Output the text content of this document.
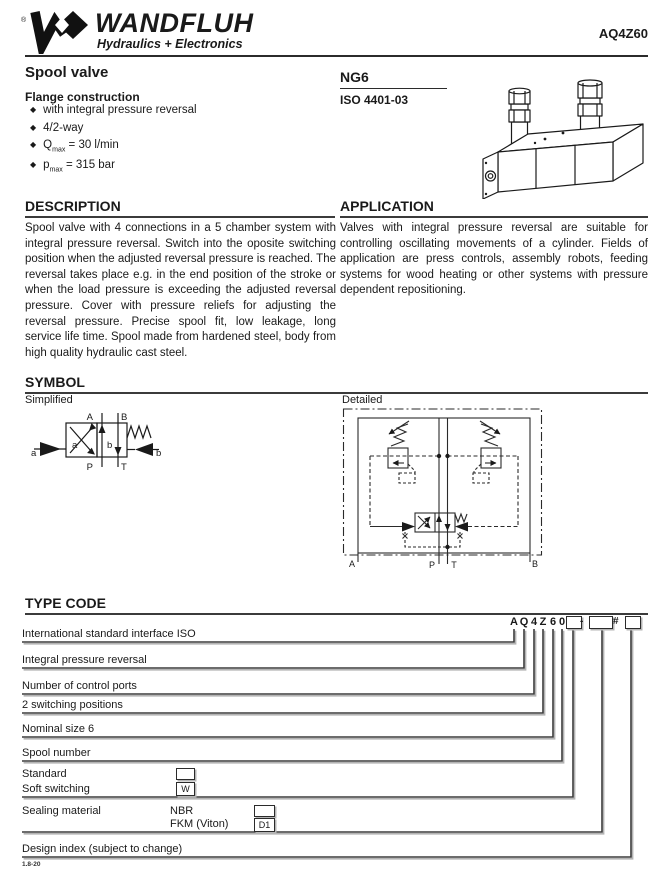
®	WANDFLUH
Hydraulics + Electronics
AQ4Z60
Spool valve
Flange construction
◆ with integral pressure reversal
◆ 4/2-way
◆ $Q_{max} = 30$ l/min
◆ $p_{max} = 315$ bar
NG6
ISO 4401-03
DESCRIPTION
Spool valve with 4 connections in a 5 chamber system with integral pressure reversal. Switch into the oposite switching position when the adjusted reversal pressure is reached. The reversal takes place e.g. in the end position of the stroke or when the load pressure is exceeding the adjusted reversal pressure. Cover with pressure reliefs for adjusting the reversal pressure. Precise spool fit, low leakage, long service life time. Spool made from hardened steel, body from high quality hydraulic cast steel.
APPLICATION
Valves with integral pressure reversal are suitable for controlling oscillating movements of a cylinder. Fields of application are press controls, assembly robots, feeding systems for wood heating or other systems with pressure dependent repositioning.
SYMBOL
Simplified	Detailed
A	B
P	T
a	b
a	b
A	P T	B
TYPE CODE
A Q 4 Z 6 0 -	#
International standard interface ISO
Integral pressure reversal
Number of control ports
2 switching positions
Nominal size 6
Spool number
Standard
Soft switching	W
Sealing material	NBR
FKM (Viton)	D1
Design index (subject to change)
1.8-20
